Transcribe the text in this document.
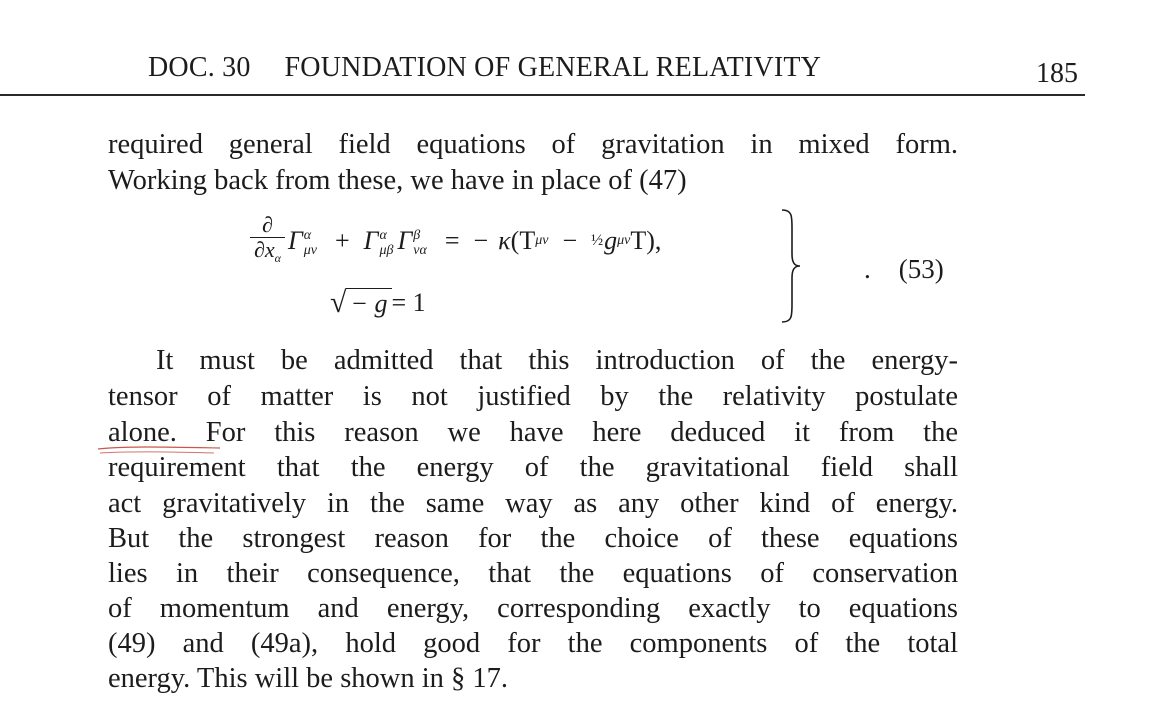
DOC. 30 FOUNDATION OF GENERAL RELATIVITY	185
required general field equations of gravitation in mixed form.
Working back from these, we have in place of (47)
$\frac{\partial}{\partial x_\alpha}$ Γ α
μν + Γ α
μβ Γ β
να = − κ (T μν − ½ g μν T),
√ − g = 1
. (53)
It must be admitted that this introduction of the energy-
tensor of matter is not justified by the relativity postulate
alone. For this reason we have here deduced it from the
requirement that the energy of the gravitational field shall
act gravitatively in the same way as any other kind of energy.
But the strongest reason for the choice of these equations
lies in their consequence, that the equations of conservation
of momentum and energy, corresponding exactly to equations
(49) and (49a), hold good for the components of the total
energy. This will be shown in § 17.
